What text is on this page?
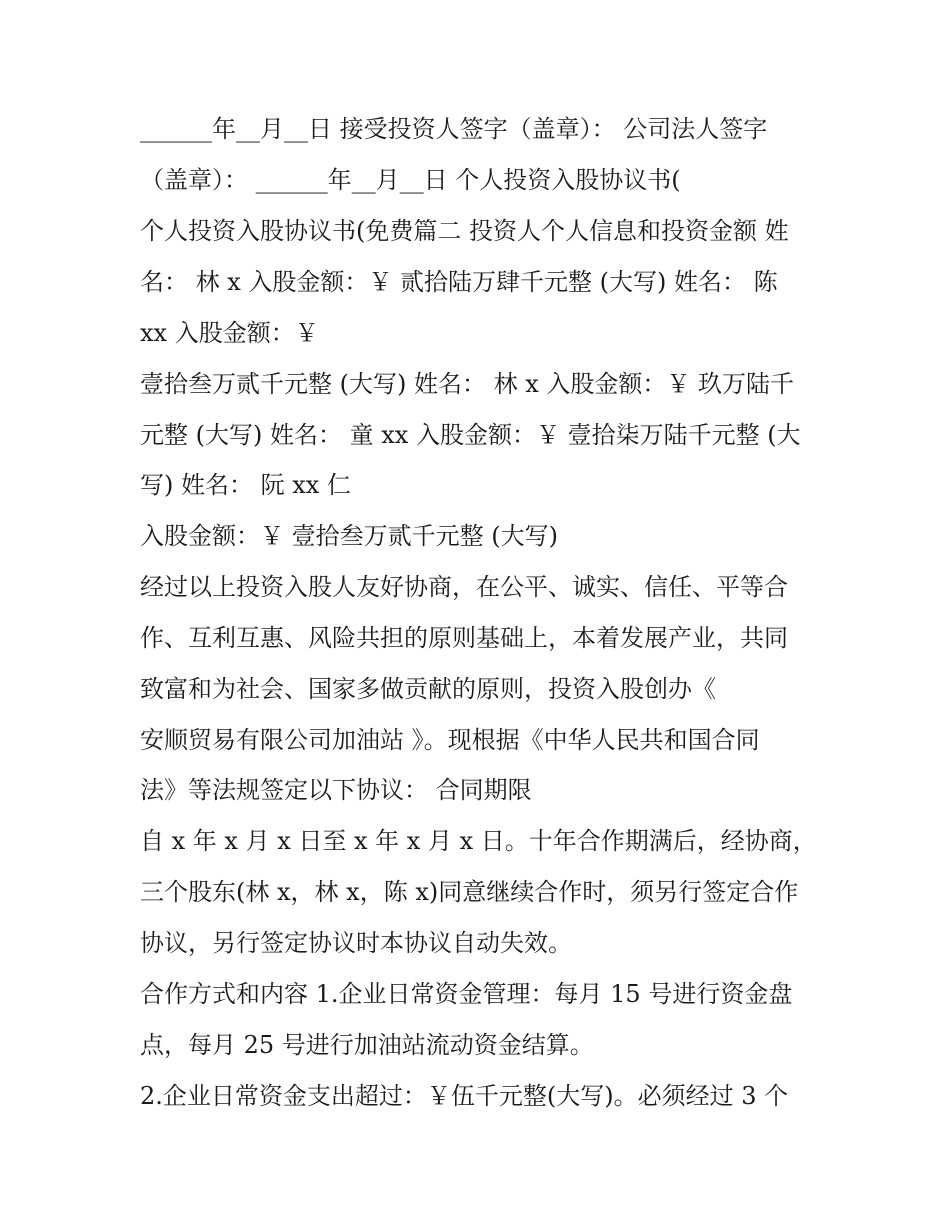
______年__月__日 接受投资人签字（盖章）： 公司法人签字
（盖章）： ______年__月__日 个人投资入股协议书(
个人投资入股协议书(免费篇二 投资人个人信息和投资金额 姓
名： 林 x 入股金额：￥ 贰拾陆万肆千元整 (大写) 姓名： 陈
xx 入股金额：￥
壹拾叁万贰千元整 (大写) 姓名： 林 x 入股金额：￥ 玖万陆千
元整 (大写) 姓名： 童 xx 入股金额：￥ 壹拾柒万陆千元整 (大
写) 姓名： 阮 xx 仁
入股金额：￥ 壹拾叁万贰千元整 (大写)
经过以上投资入股人友好协商，在公平、诚实、信任、平等合
作、互利互惠、风险共担的原则基础上，本着发展产业，共同
致富和为社会、国家多做贡献的原则，投资入股创办《
安顺贸易有限公司加油站 》。现根据《中华人民共和国合同
法》等法规签定以下协议： 合同期限
自 x 年 x 月 x 日至 x 年 x 月 x 日。十年合作期满后，经协商，
三个股东(林 x，林 x，陈 x)同意继续合作时，须另行签定合作
协议，另行签定协议时本协议自动失效。
合作方式和内容 1.企业日常资金管理：每月 15 号进行资金盘
点，每月 25 号进行加油站流动资金结算。
2.企业日常资金支出超过：￥伍千元整(大写)。必须经过 3 个
